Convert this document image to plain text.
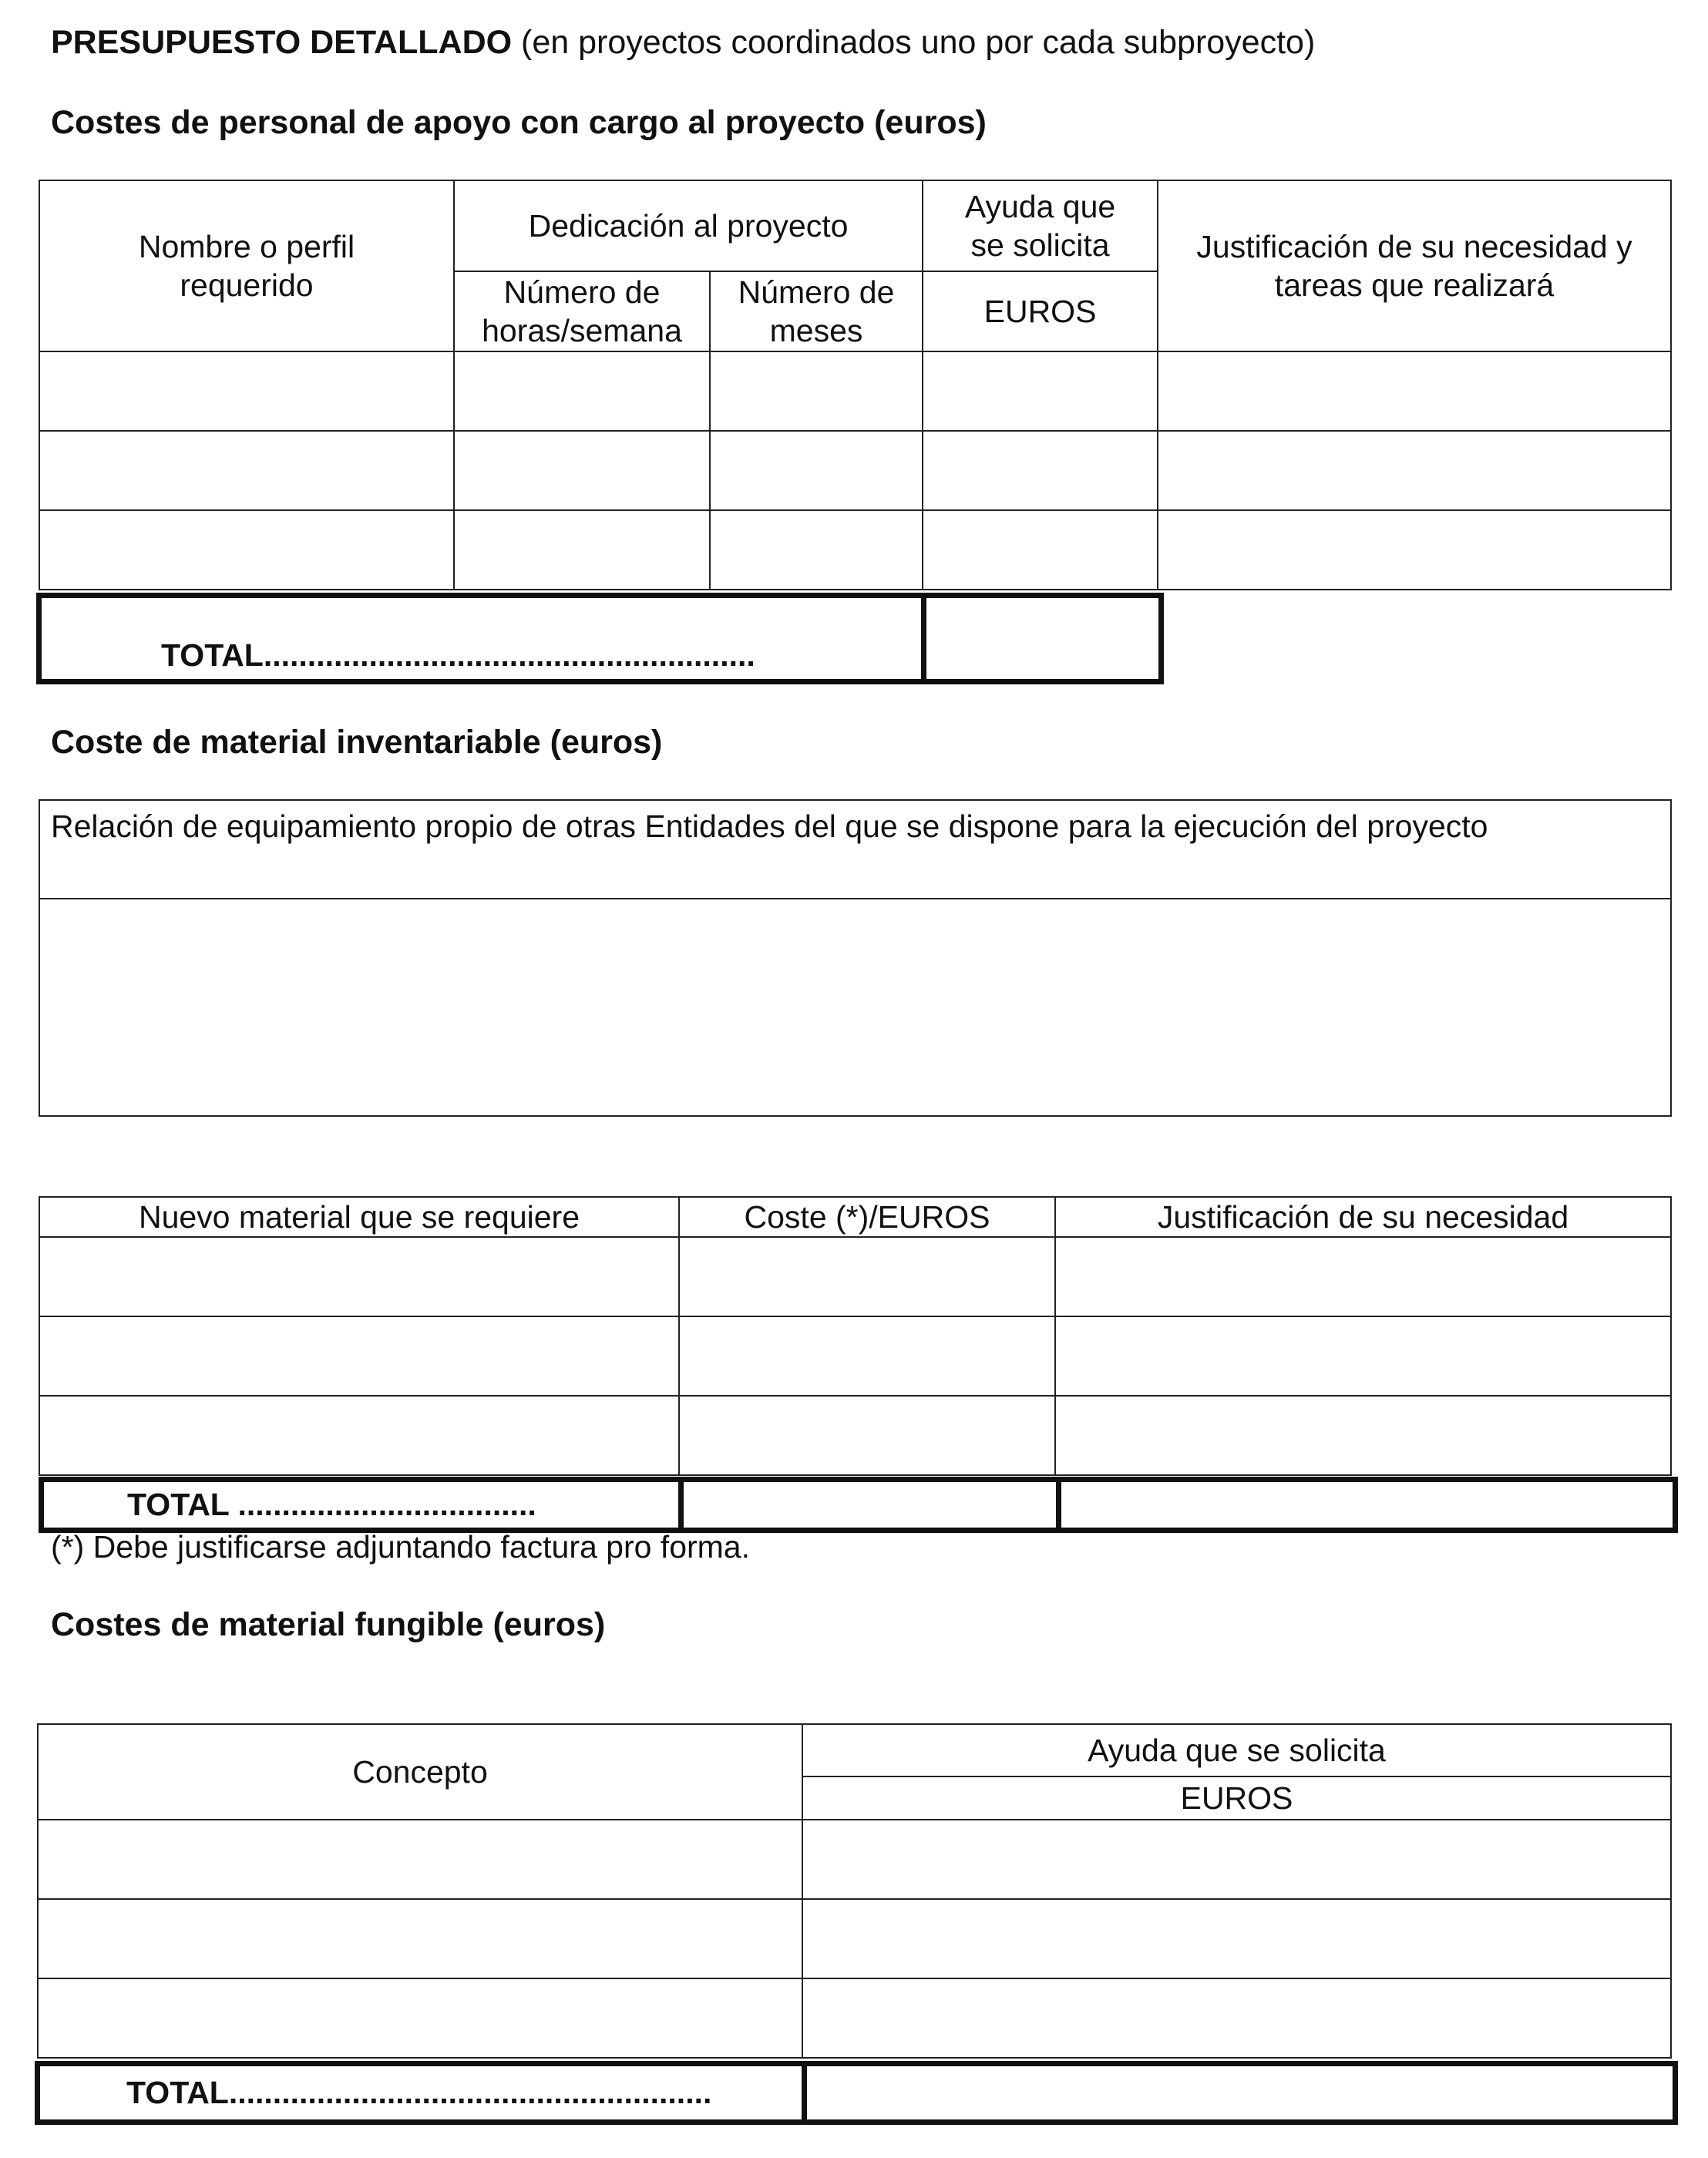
PRESUPUESTO DETALLADO (en proyectos coordinados uno por cada subproyecto)
Costes de personal de apoyo con cargo al proyecto (euros)
Nombre o perfil requerido	Dedicación al proyecto		Ayuda que se solicita	Justificación de su necesidad y tareas que realizará
	Número de horas/semana	Número de meses	EUROS	

TOTAL........................................................	
Coste de material inventariable (euros)
Relación de equipamiento propio de otras Entidades del que se dispone para la ejecución del proyecto

Nuevo material que se requiere	Coste (*)/EUROS	Justificación de su necesidad

TOTAL ..................................		
(*) Debe justificarse adjuntando factura pro forma.
Costes de material fungible (euros)
Concepto	Ayuda que se solicita
	EUROS

TOTAL.......................................................	
